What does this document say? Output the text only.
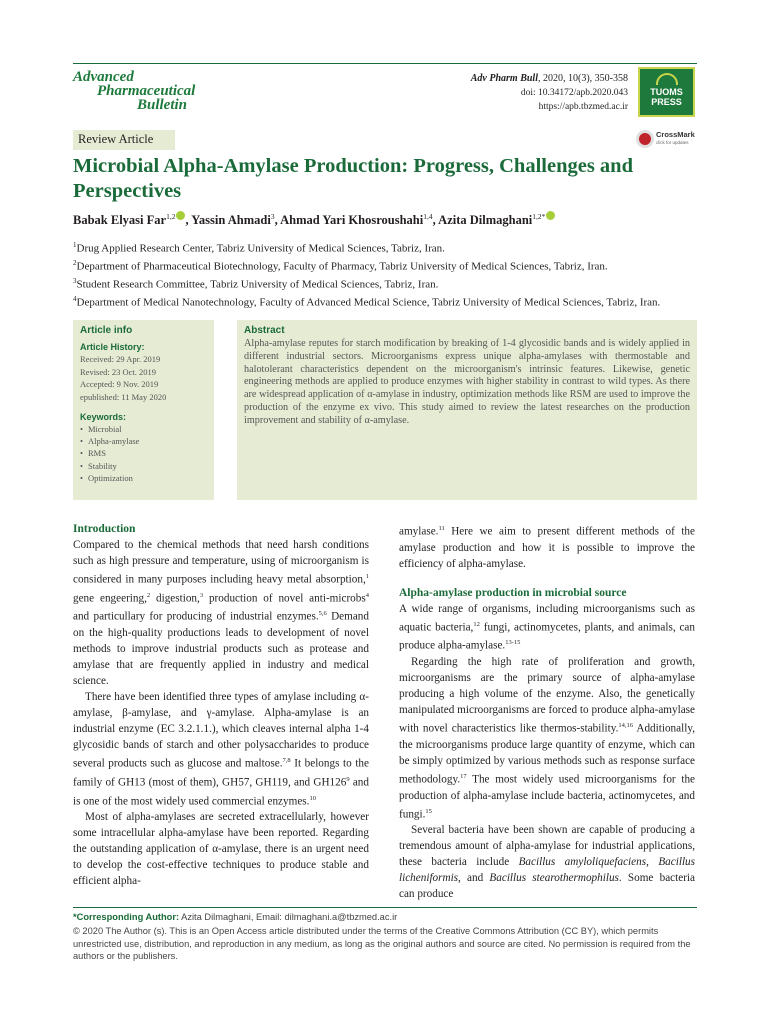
Advanced
Pharmaceutical
Bulletin
Adv Pharm Bull, 2020, 10(3), 350-358
doi: 10.34172/apb.2020.043
https://apb.tbzmed.ac.ir
TUOMS
PRESS
Review Article	CrossMark
click for updates
Microbial Alpha-Amylase Production: Progress, Challenges and Perspectives
Babak Elyasi Far$^{1,2}$ , Yassin Ahmadi$^3$, Ahmad Yari Khosroushahi$^{1,4}$, Azita Dilmaghani$^{1,2*}$

$^1$Drug Applied Research Center, Tabriz University of Medical Sciences, Tabriz, Iran.

$^2$Department of Pharmaceutical Biotechnology, Faculty of Pharmacy, Tabriz University of Medical Sciences, Tabriz, Iran.

$^3$Student Research Committee, Tabriz University of Medical Sciences, Tabriz, Iran.

$^4$Department of Medical Nanotechnology, Faculty of Advanced Medical Science, Tabriz University of Medical Sciences, Tabriz, Iran.

Article info
Article History:
Received: 29 Apr. 2019
Revised: 23 Oct. 2019
Accepted: 9 Nov. 2019
epublished: 11 May 2020
Keywords:
• Microbial
• Alpha-amylase
• RMS
• Stability
• Optimization
Abstract

Alpha-amylase reputes for starch modification by breaking of 1-4 glycosidic bands and is widely applied in different industrial sectors. Microorganisms express unique alpha-amylases with thermostable and halotolerant characteristics dependent on the microorganism's intrinsic features. Likewise, genetic engineering methods are applied to produce enzymes with higher stability in contrast to wild types. As there are widespread application of α-amylase in industry, optimization methods like RSM are used to improve the production of the enzyme ex vivo. This study aimed to review the latest researches on the production improvement and stability of α-amylase.

Introduction

Compared to the chemical methods that need harsh conditions such as high pressure and temperature, using of microorganism is considered in many purposes including heavy metal absorption,$^1$ gene engeering,$^2$ digestion,$^3$ production of novel anti-microbs$^4$ and particullary for producing of industrial enzymes.$^{5,6}$ Demand on the high-quality productions leads to development of novel methods to improve industrial products such as protease and amylase that are frequently applied in industry and medical science.

There have been identified three types of amylase including α-amylase, β-amylase, and γ-amylase. Alpha-amylase is an industrial enzyme (EC 3.2.1.1.), which cleaves internal alpha 1-4 glycosidic bands of starch and other polysaccharides to produce several products such as glucose and maltose.$^{7,8}$ It belongs to the family of GH13 (most of them), GH57, GH119, and $GH126^9$ and is one of the most widely used commercial enzymes.$^{10}$

Most of alpha-amylases are secreted extracellularly, however some intracellular alpha-amylase have been reported. Regarding the outstanding application of α-amylase, there is an urgent need to develop the cost-effective techniques to produce stable and efficient alpha-

amylase.$^{11}$ Here we aim to present different methods of the amylase production and how it is possible to improve the efficiency of alpha-amylase.

Alpha-amylase production in microbial source

A wide range of organisms, including microorganisms such as aquatic bacteria,$^{12}$ fungi, actinomycetes, plants, and animals, can produce alpha-amylase.$^{13-15}$

Regarding the high rate of proliferation and growth, microorganisms are the primary source of alpha-amylase producing a high volume of the enzyme. Also, the genetically manipulated microorganisms are forced to produce alpha-amylase with novel characteristics like thermos-stability.$^{14,16}$ Additionally, the microorganisms produce large quantity of enzyme, which can be simply optimized by various methods such as response surface methodology.$^{17}$ The most widely used microorganisms for the production of alpha-amylase include bacteria, actinomycetes, and fungi.$^{15}$

Several bacteria have been shown are capable of producing a tremendous amount of alpha-amylase for industrial applications, these bacteria include Bacillus amyloliquefaciens, Bacillus licheniformis, and Bacillus stearothermophilus. Some bacteria can produce

*Corresponding Author: Azita Dilmaghani, Email: dilmaghani.a@tbzmed.ac.ir

© 2020 The Author (s). This is an Open Access article distributed under the terms of the Creative Commons Attribution (CC BY), which permits unrestricted use, distribution, and reproduction in any medium, as long as the original authors and source are cited. No permission is required from the authors or the publishers.
